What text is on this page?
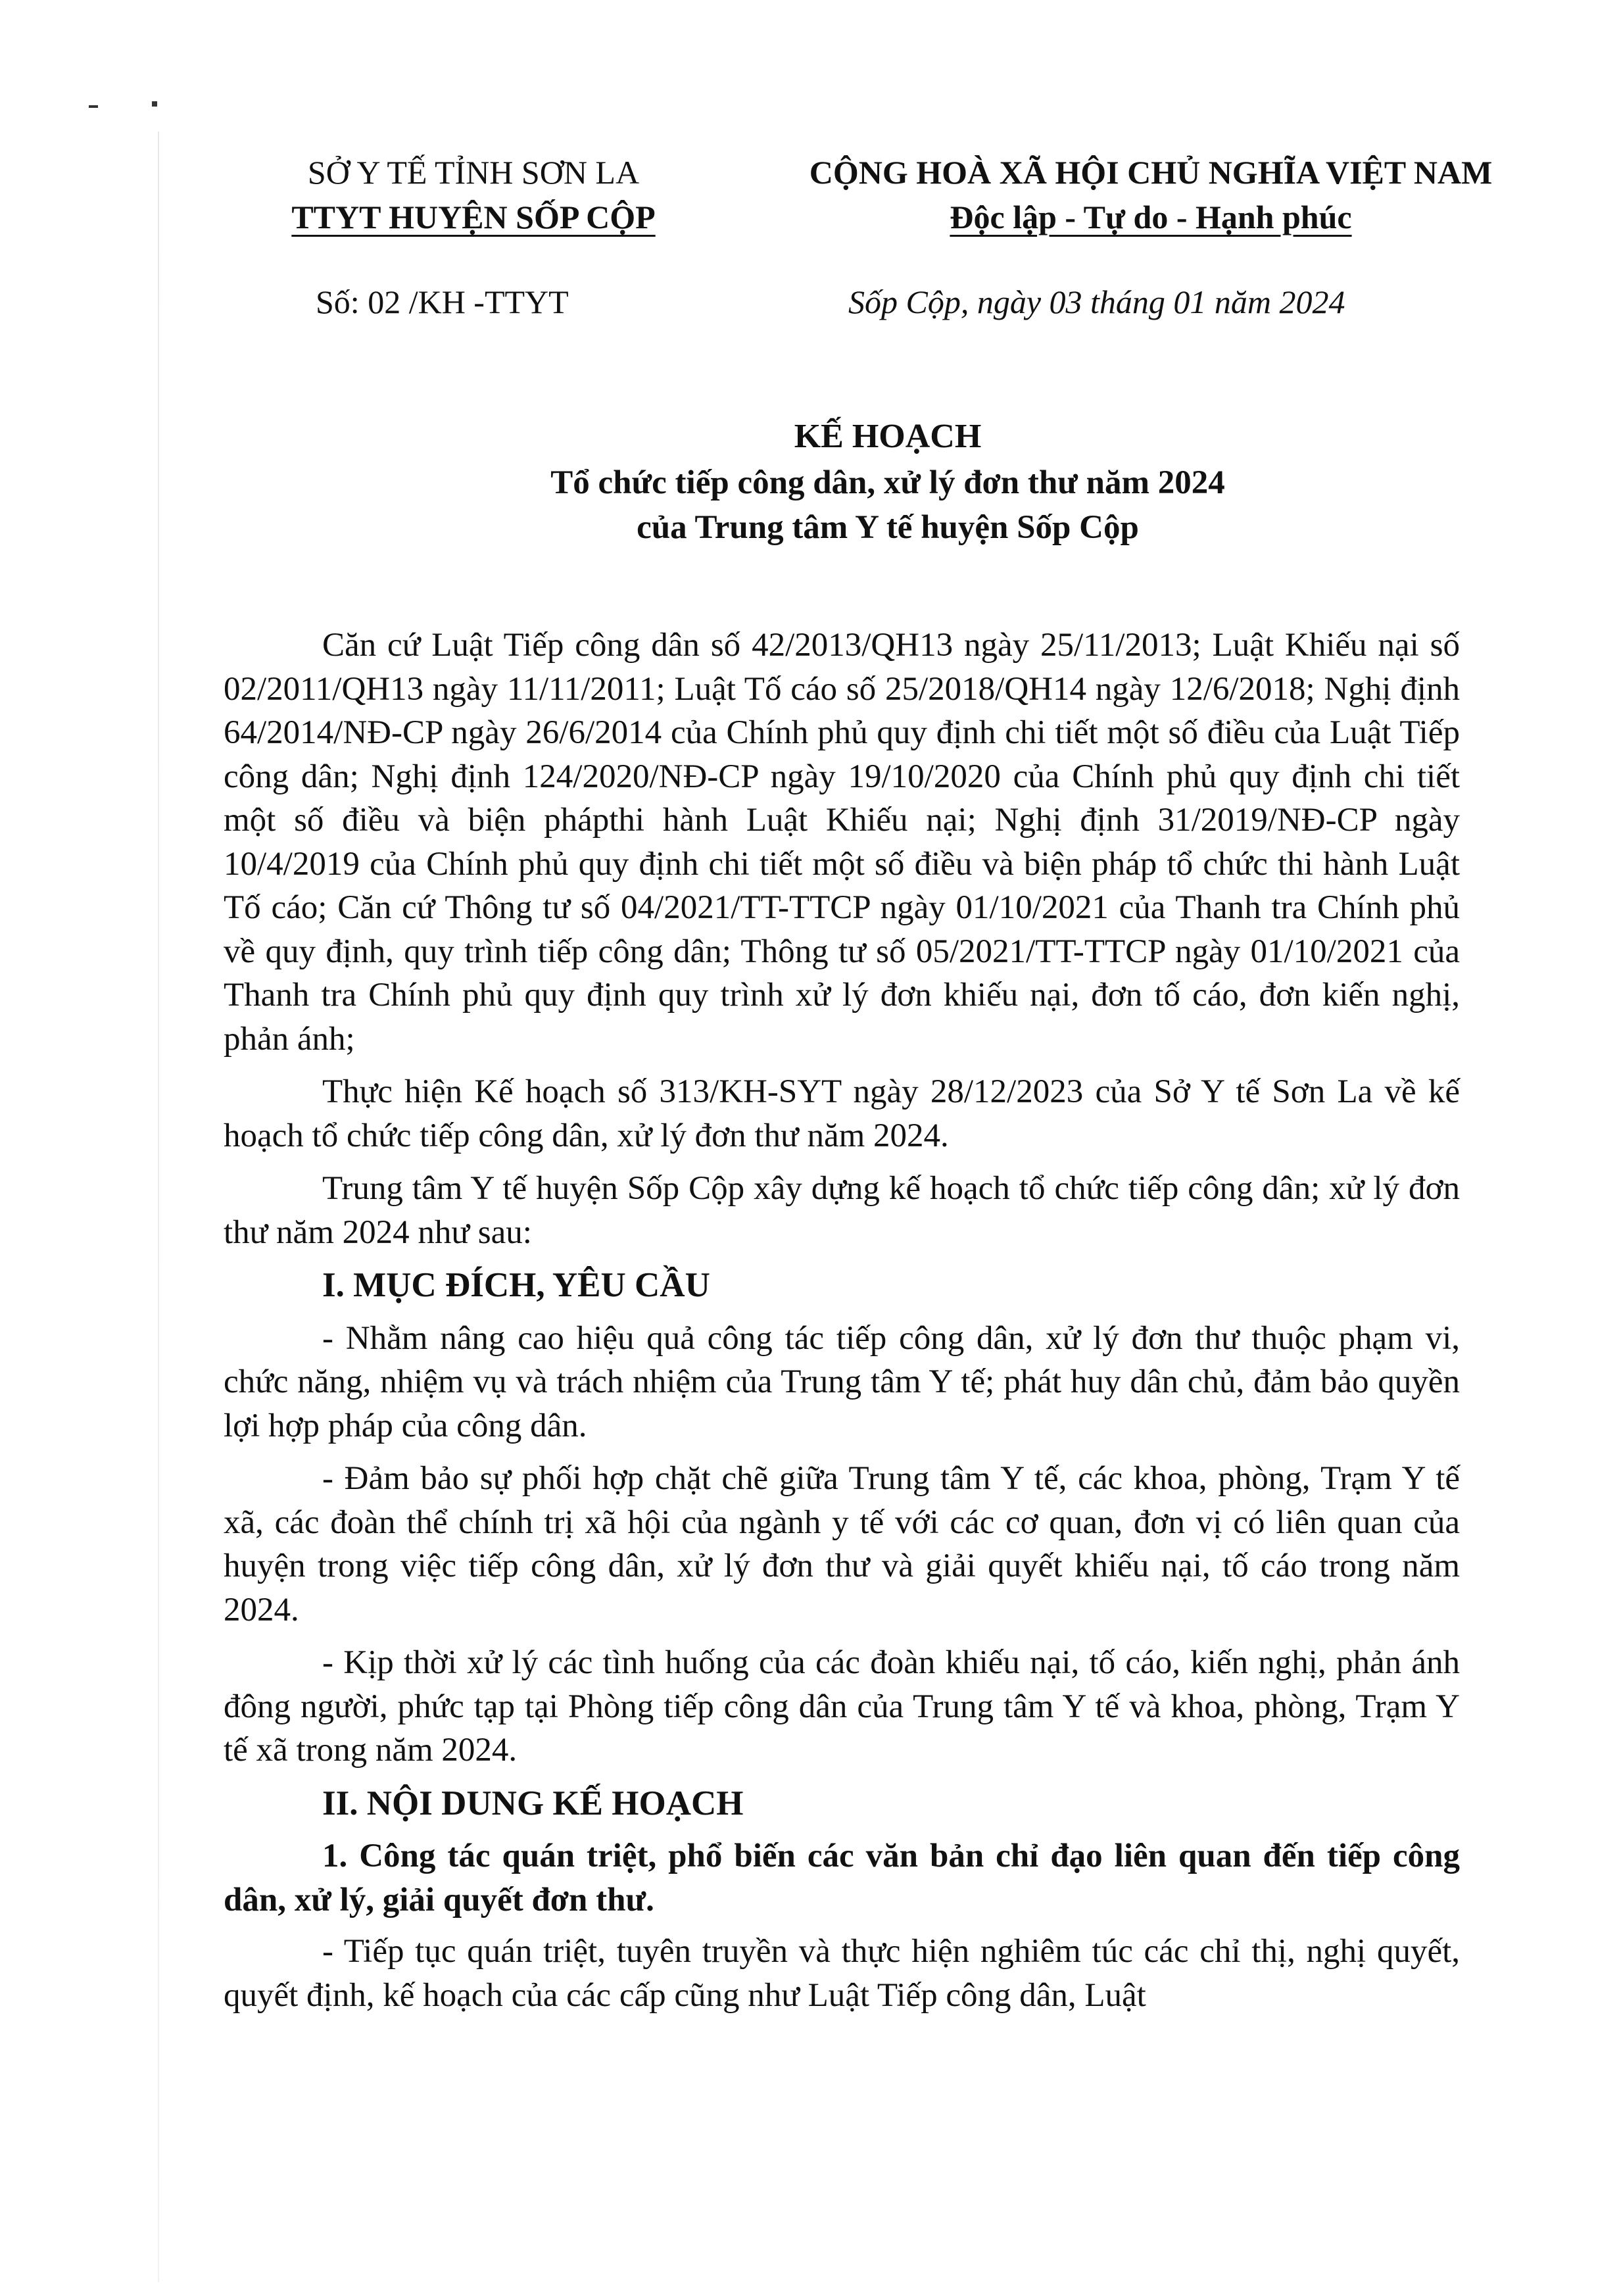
SỞ Y TẾ TỈNH SƠN LA
TTYT HUYỆN SỐP CỘP
CỘNG HOÀ XÃ HỘI CHỦ NGHĨA VIỆT NAM
Độc lập - Tự do - Hạnh phúc
Số: 02 /KH -TTYT	Sốp Cộp, ngày 03 tháng 01 năm 2024
KẾ HOẠCH
Tổ chức tiếp công dân, xử lý đơn thư năm 2024
của Trung tâm Y tế huyện Sốp Cộp

Căn cứ Luật Tiếp công dân số 42/2013/QH13 ngày 25/11/2013; Luật Khiếu nại số 02/2011/QH13 ngày 11/11/2011; Luật Tố cáo số 25/2018/QH14 ngày 12/6/2018; Nghị định 64/2014/NĐ-CP ngày 26/6/2014 của Chính phủ quy định chi tiết một số điều của Luật Tiếp công dân; Nghị định 124/2020/NĐ-CP ngày 19/10/2020 của Chính phủ quy định chi tiết một số điều và biện phápthi hành Luật Khiếu nại; Nghị định 31/2019/NĐ-CP ngày 10/4/2019 của Chính phủ quy định chi tiết một số điều và biện pháp tổ chức thi hành Luật Tố cáo; Căn cứ Thông tư số 04/2021/TT-TTCP ngày 01/10/2021 của Thanh tra Chính phủ về quy định, quy trình tiếp công dân; Thông tư số 05/2021/TT-TTCP ngày 01/10/2021 của Thanh tra Chính phủ quy định quy trình xử lý đơn khiếu nại, đơn tố cáo, đơn kiến nghị, phản ánh;

Thực hiện Kế hoạch số 313/KH-SYT ngày 28/12/2023 của Sở Y tế Sơn La về kế hoạch tổ chức tiếp công dân, xử lý đơn thư năm 2024.

Trung tâm Y tế huyện Sốp Cộp xây dựng kế hoạch tổ chức tiếp công dân; xử lý đơn thư năm 2024 như sau:

I. MỤC ĐÍCH, YÊU CẦU

- Nhằm nâng cao hiệu quả công tác tiếp công dân, xử lý đơn thư thuộc phạm vi, chức năng, nhiệm vụ và trách nhiệm của Trung tâm Y tế; phát huy dân chủ, đảm bảo quyền lợi hợp pháp của công dân.

- Đảm bảo sự phối hợp chặt chẽ giữa Trung tâm Y tế, các khoa, phòng, Trạm Y tế xã, các đoàn thể chính trị xã hội của ngành y tế với các cơ quan, đơn vị có liên quan của huyện trong việc tiếp công dân, xử lý đơn thư và giải quyết khiếu nại, tố cáo trong năm 2024.

- Kịp thời xử lý các tình huống của các đoàn khiếu nại, tố cáo, kiến nghị, phản ánh đông người, phức tạp tại Phòng tiếp công dân của Trung tâm Y tế và khoa, phòng, Trạm Y tế xã trong năm 2024.

II. NỘI DUNG KẾ HOẠCH

1. Công tác quán triệt, phổ biến các văn bản chỉ đạo liên quan đến tiếp công dân, xử lý, giải quyết đơn thư.

- Tiếp tục quán triệt, tuyên truyền và thực hiện nghiêm túc các chỉ thị, nghị quyết, quyết định, kế hoạch của các cấp cũng như Luật Tiếp công dân, Luật
